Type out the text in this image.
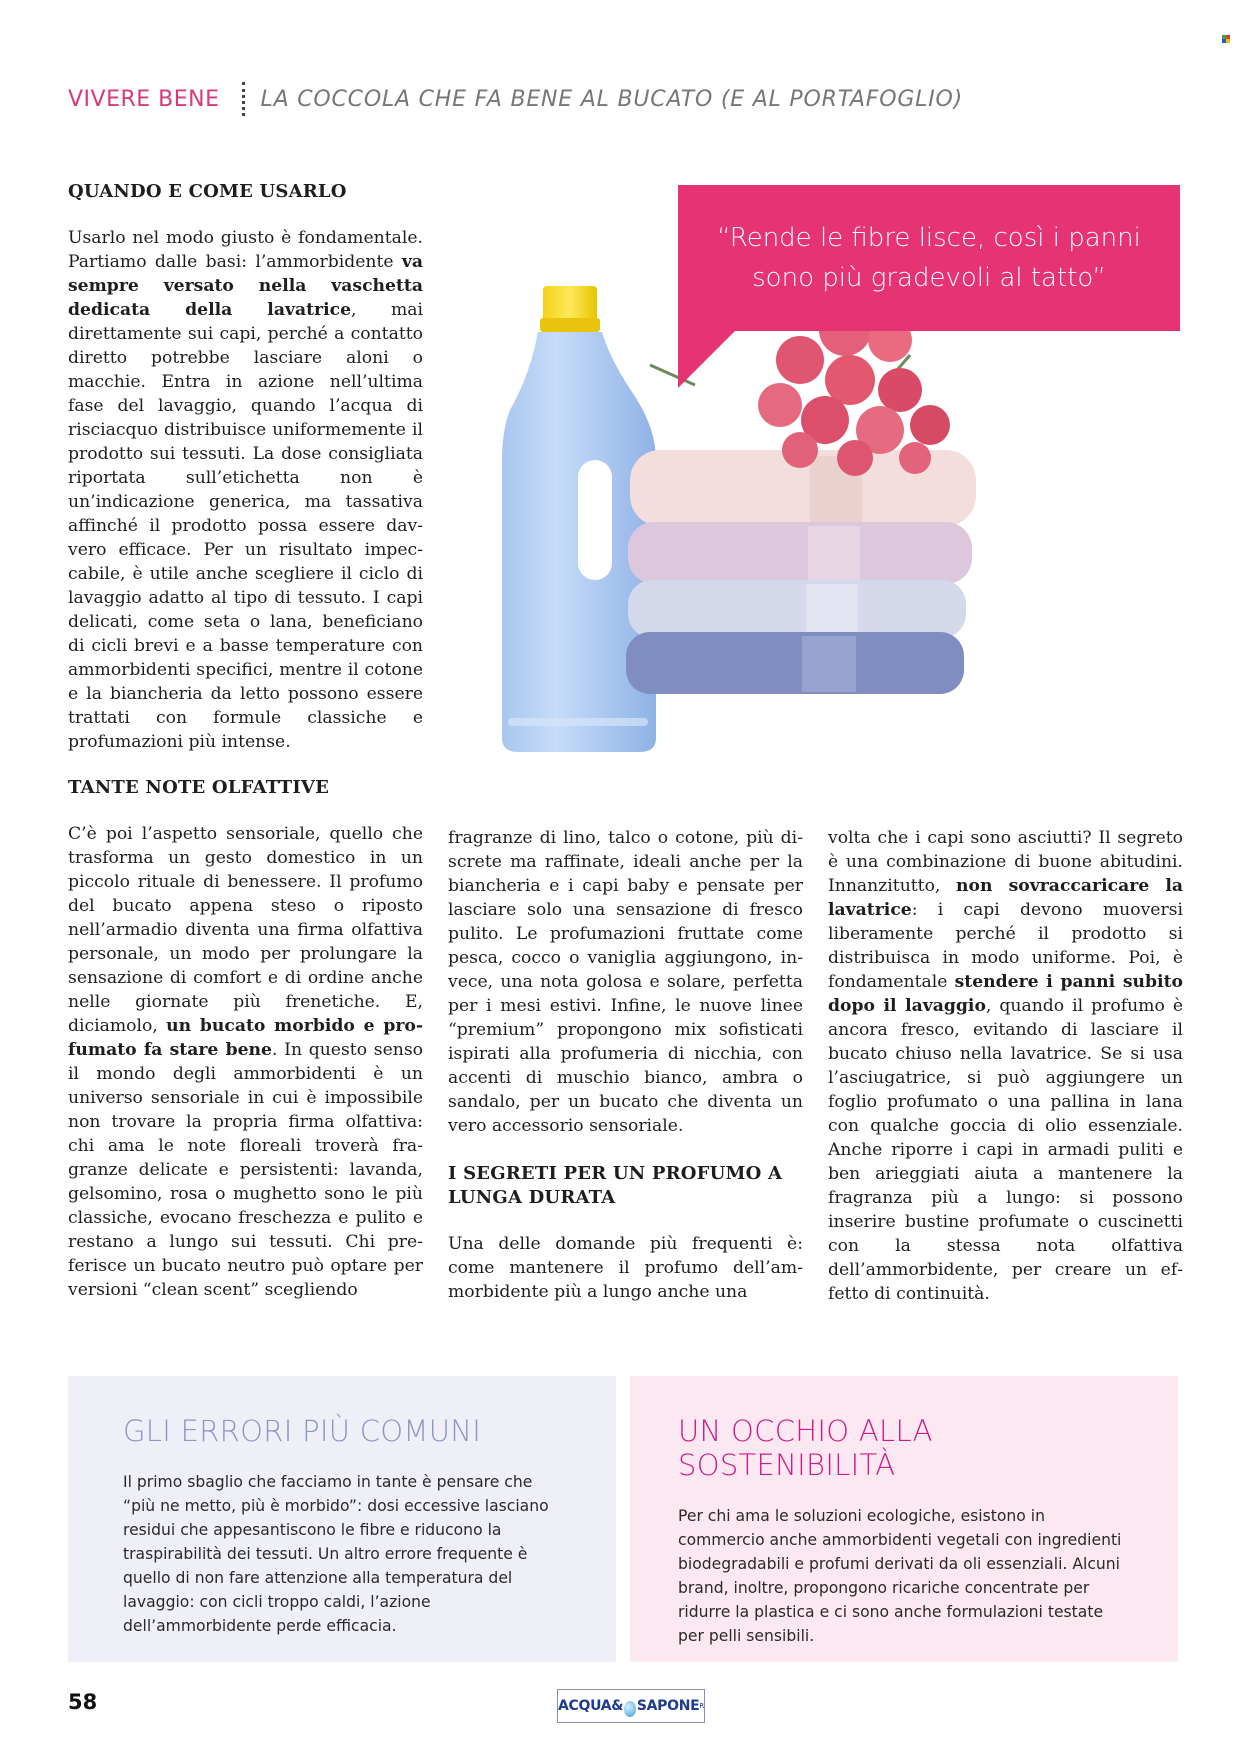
VIVERE BENE LA COCCOLA CHE FA BENE AL BUCATO (E AL PORTAFOGLIO)
QUANDO E COME USARLO

Usarlo nel modo giusto è fondamentale. Partiamo dalle basi: l’ammorbidente va sempre versato nella vaschetta dedicata della lavatrice, mai direttamente sui capi, perché a contatto diretto potrebbe lasciare aloni o macchie. Entra in azione nell’ultima fase del lavaggio, quando l’acqua di risciacquo distribuisce uniformemente il prodotto sui tessuti. La dose consigliata riportata sull’etichetta non è un’indicazione generica, ma tassativa affinché il prodotto possa essere davvero efficace. Per un risultato impeccabile, è utile anche scegliere il ciclo di lavaggio adatto al tipo di tessuto. I capi delicati, come seta o lana, beneficiano di cicli brevi e a basse temperature con ammorbidenti specifici, mentre il cotone e la biancheria da letto possono essere trattati con formule classiche e profumazioni più intense.

TANTE NOTE OLFATTIVE

C’è poi l’aspetto sensoriale, quello che trasforma un gesto domestico in un piccolo rituale di benessere. Il profumo del bucato appena steso o riposto nell’armadio diventa una firma olfattiva personale, un modo per prolungare la sensazione di comfort e di ordine anche nelle giornate più frenetiche. E, diciamolo, un bucato morbido e profumato fa stare bene. In questo senso il mondo degli ammorbidenti è un universo sensoriale in cui è impossibile non trovare la propria firma olfattiva: chi ama le note floreali troverà fragranze delicate e persistenti: lavanda, gelsomino, rosa o mughetto sono le più classiche, evocano freschezza e pulito e restano a lungo sui tessuti. Chi preferisce un bucato neutro può optare per versioni “clean scent” scegliendo

fragranze di lino, talco o cotone, più discrete ma raffinate, ideali anche per la biancheria e i capi baby e pensate per lasciare solo una sensazione di fresco pulito. Le profumazioni fruttate come pesca, cocco o vaniglia aggiungono, invece, una nota golosa e solare, perfetta per i mesi estivi. Infine, le nuove linee “premium” propongono mix sofisticati ispirati alla profumeria di nicchia, con accenti di muschio bianco, ambra o sandalo, per un bucato che diventa un vero accessorio sensoriale.

I SEGRETI PER UN PROFUMO A LUNGA DURATA

Una delle domande più frequenti è: come mantenere il profumo dell’ammorbidente più a lungo anche una

volta che i capi sono asciutti? Il segreto è una combinazione di buone abitudini. Innanzitutto, non sovraccaricare la lavatrice: i capi devono muoversi liberamente perché il prodotto si distribuisca in modo uniforme. Poi, è fondamentale stendere i panni subito dopo il lavaggio, quando il profumo è ancora fresco, evitando di lasciare il bucato chiuso nella lavatrice. Se si usa l’asciugatrice, si può aggiungere un foglio profumato o una pallina in lana con qualche goccia di olio essenziale. Anche riporre i capi in armadi puliti e ben arieggiati aiuta a mantenere la fragranza più a lungo: si possono inserire bustine profumate o cuscinetti con la stessa nota olfattiva dell’ammorbidente, per creare un effetto di continuità.

“Rende le fibre lisce, così i panni
sono più gradevoli al tatto”
GLI ERRORI PIÙ COMUNI
Il primo sbaglio che facciamo in tante è pensare che “più ne metto, più è morbido”: dosi eccessive lasciano residui che appesantiscono le fibre e riducono la traspirabilità dei tessuti. Un altro errore frequente è quello di non fare attenzione alla temperatura del lavaggio: con cicli troppo caldi, l’azione dell’ammorbidente perde efficacia.
UN OCCHIO ALLA
SOSTENIBILITÀ
Per chi ama le soluzioni ecologiche, esistono in commercio anche ammorbidenti vegetali con ingredienti biodegradabili e profumi derivati da oli essenziali. Alcuni brand, inoltre, propongono ricariche concentrate per ridurre la plastica e ci sono anche formulazioni testate per pelli sensibili.
58	ACQUA& SAPONE R
